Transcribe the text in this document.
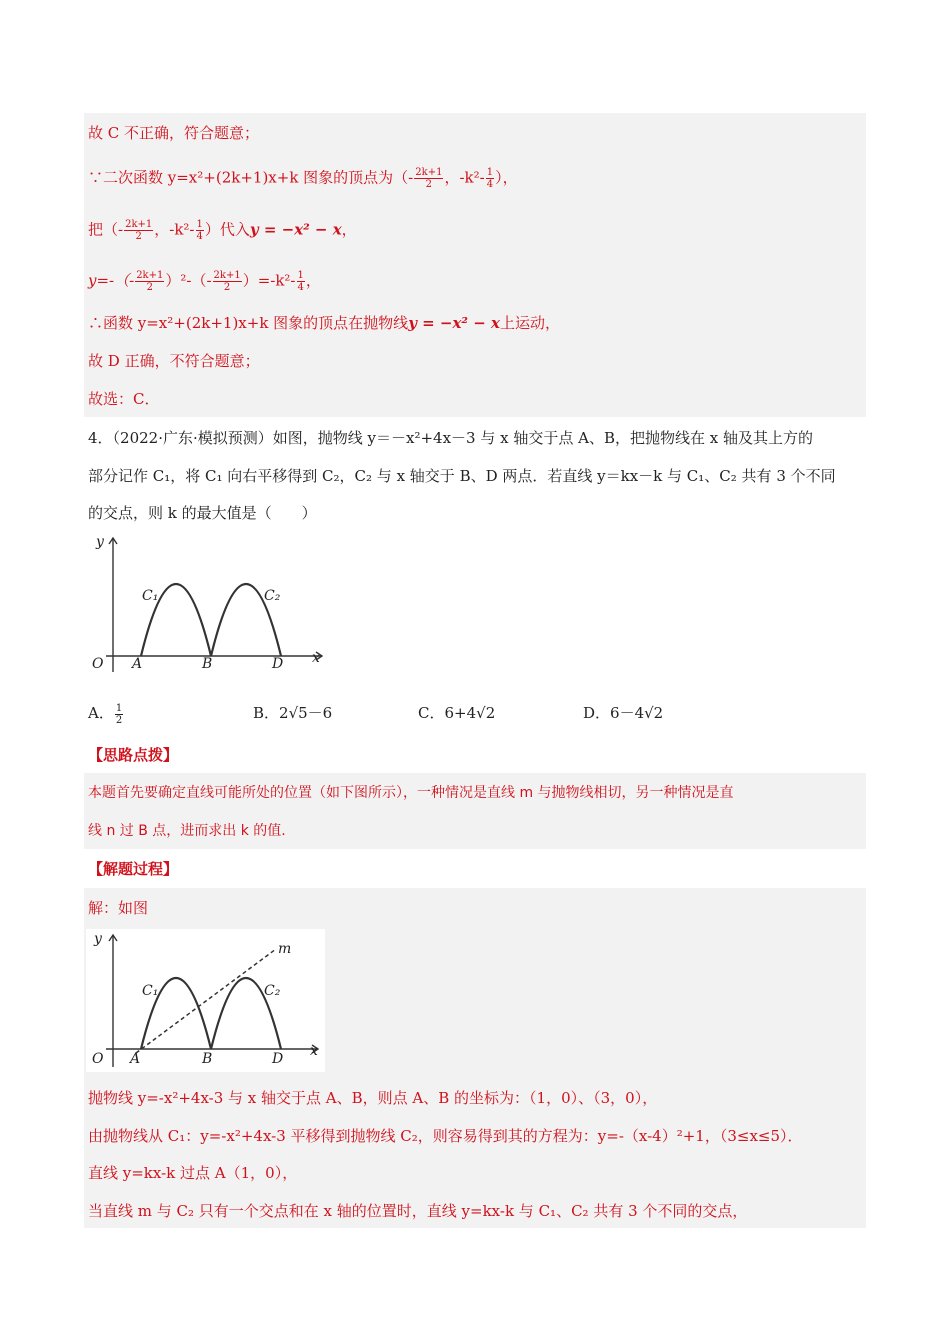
故 C 不正确，符合题意；
∵二次函数 y=x²+(2k+1)x+k 图象的顶点为（- $\frac{2k+1}{2}$ ，$-k^2- \frac{1}{4}$ ），
把（- $\frac{2k+1}{2}$ ，$-k^2- \frac{1}{4}$ ）代入y = −x² − x，
$y=-(- \frac{2k+1}{2} )^2-(- \frac{2k+1}{2} )=-k^2- \frac{1}{4}$ ，
∴函数 y=x²+(2k+1)x+k 图象的顶点在抛物线y = −x² − x上运动，
故 D 正确，不符合题意；
故选：C．
4．（2022·广东·模拟预测）如图，抛物线 y＝－x²+4x－3 与 x 轴交于点 A、B，把抛物线在 x 轴及其上方的
部分记作 C₁，将 C₁ 向右平移得到 C₂，C₂ 与 x 轴交于 B、D 两点．若直线 y＝kx－k 与 C₁、C₂ 共有 3 个不同
的交点，则 k 的最大值是（　　）
y
x
O A	B	D
C₁	C₂
A． $\frac{1}{2}$	B．2√5－6	C．6+4√2	D．6－4√2
【思路点拨】
本题首先要确定直线可能所处的位置（如下图所示），一种情况是直线 m 与抛物线相切，另一种情况是直
线 n 过 B 点，进而求出 k 的值.
【解题过程】
解：如图
y
x
O A	B	D
C₁	C₂
m
抛物线 y=-x²+4x-3 与 x 轴交于点 A、B，则点 A、B 的坐标为：（1，0）、（3，0），
由抛物线从 C₁：y=-x²+4x-3 平移得到抛物线 C₂，则容易得到其的方程为：y=-（x-4）²+1，（3≤x≤5）．
直线 y=kx-k 过点 A（1，0），
当直线 m 与 C₂ 只有一个交点和在 x 轴的位置时，直线 y=kx-k 与 C₁、C₂ 共有 3 个不同的交点，
